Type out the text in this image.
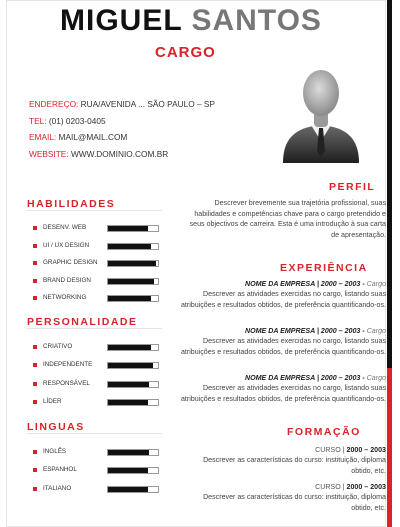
MIGUEL SANTOS
CARGO
ENDEREÇO: RUA/AVENIDA ... SÃO PAULO – SP
TEL: (01) 0203-0405
EMAIL: MAIL@MAIL.COM
WEBSITE: WWW.DOMINIO.COM.BR
HABILIDADES
PERSONALIDADE
LINGUAS
DESENV. WEB
UI / UX DESIGN
GRAPHIC DESIGN
BRAND DESIGN
NETWORKING
CRIATIVO
INDEPENDENTE
RESPONSÁVEL
LÍDER
INGLÊS
ESPANHOL
ITALIANO
PERFIL
Descrever brevemente sua trajetória profissional, suas habilidades e competências chave para o cargo pretendido e seus objectivos de carreira. Esta é uma introdução à sua carta de apresentação.
EXPERIÊNCIA
NOME DA EMPRESA | 2000 – 2003 - Cargo
Descrever as atividades exercidas no cargo, listando suas atribuições e resultados obtidos, de preferência quantificando-os.
NOME DA EMPRESA | 2000 – 2003 - Cargo
Descrever as atividades exercidas no cargo, listando suas atribuições e resultados obtidos, de preferência quantificando-os.
NOME DA EMPRESA | 2000 – 2003 - Cargo
Descrever as atividades exercidas no cargo, listando suas atribuições e resultados obtidos, de preferência quantificando-os.
FORMAÇÃO
CURSO | 2000 – 2003
Descrever as características do curso: instituição, diploma obtido, etc.
CURSO | 2000 – 2003
Descrever as características do curso: instituição, diploma obtido, etc.
